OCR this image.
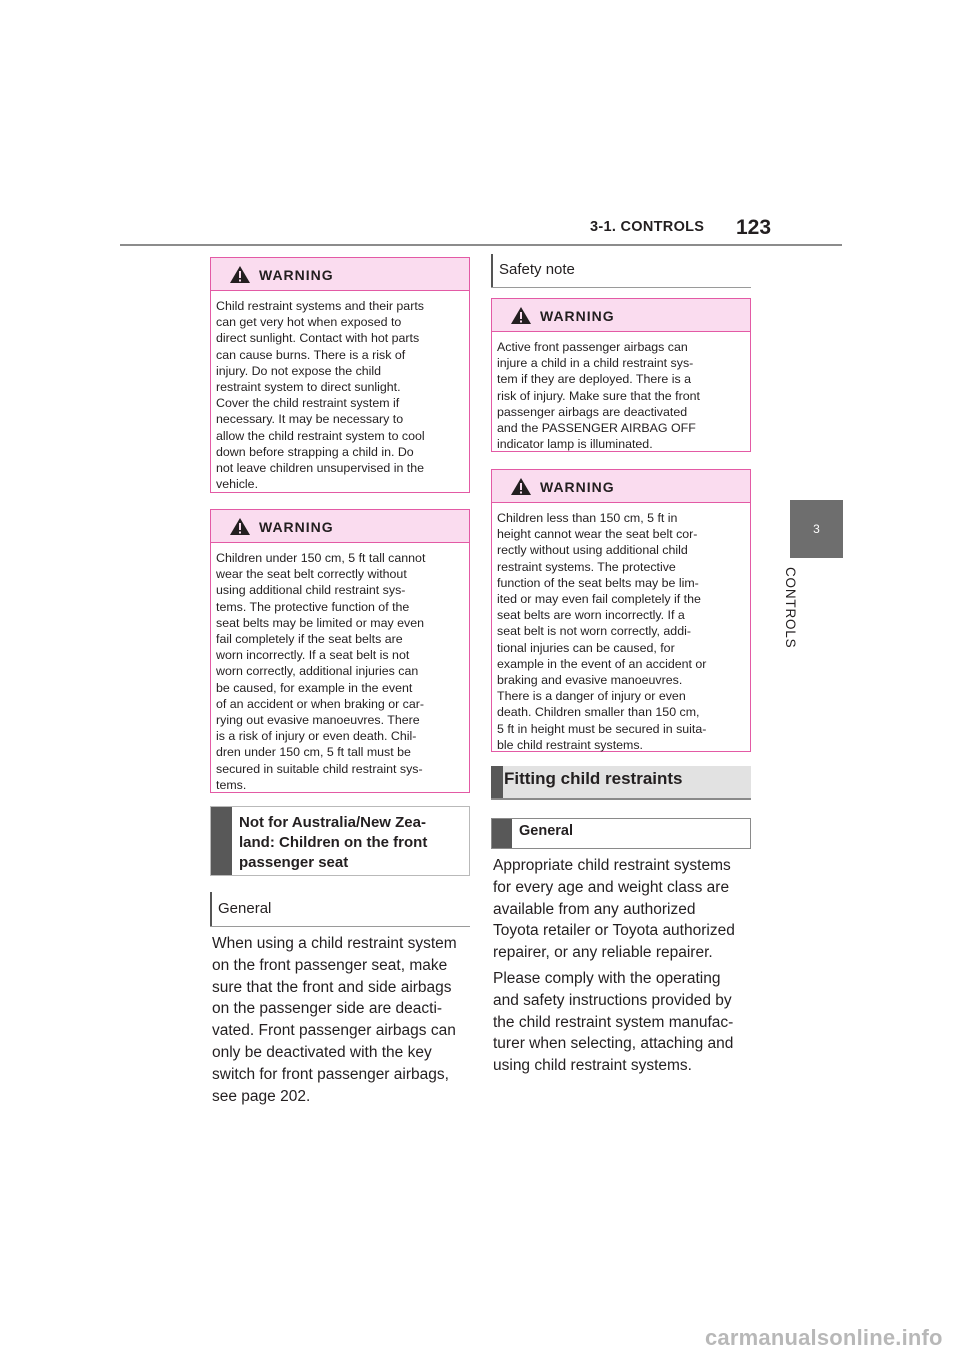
3-1. CONTROLS 123
3
CONTROLS
WARNING
Child restraint systems and their parts
can get very hot when exposed to
direct sunlight. Contact with hot parts
can cause burns. There is a risk of
injury. Do not expose the child
restraint system to direct sunlight.
Cover the child restraint system if
necessary. It may be necessary to
allow the child restraint system to cool
down before strapping a child in. Do
not leave children unsupervised in the
vehicle.
WARNING
Children under 150 cm, 5 ft tall cannot
wear the seat belt correctly without
using additional child restraint sys-
tems. The protective function of the
seat belts may be limited or may even
fail completely if the seat belts are
worn incorrectly. If a seat belt is not
worn correctly, additional injuries can
be caused, for example in the event
of an accident or when braking or car-
rying out evasive manoeuvres. There
is a risk of injury or even death. Chil-
dren under 150 cm, 5 ft tall must be
secured in suitable child restraint sys-
tems.
Not for Australia/New Zea-
land: Children on the front
passenger seat
General
When using a child restraint system
on the front passenger seat, make
sure that the front and side airbags
on the passenger side are deacti-
vated. Front passenger airbags can
only be deactivated with the key
switch for front passenger airbags,
see page 202.
Safety note
WARNING
Active front passenger airbags can
injure a child in a child restraint sys-
tem if they are deployed. There is a
risk of injury. Make sure that the front
passenger airbags are deactivated
and the PASSENGER AIRBAG OFF
indicator lamp is illuminated.
WARNING
Children less than 150 cm, 5 ft in
height cannot wear the seat belt cor-
rectly without using additional child
restraint systems. The protective
function of the seat belts may be lim-
ited or may even fail completely if the
seat belts are worn incorrectly. If a
seat belt is not worn correctly, addi-
tional injuries can be caused, for
example in the event of an accident or
braking and evasive manoeuvres.
There is a danger of injury or even
death. Children smaller than 150 cm,
5 ft in height must be secured in suita-
ble child restraint systems.
Fitting child restraints
General
Appropriate child restraint systems
for every age and weight class are
available from any authorized
Toyota retailer or Toyota authorized
repairer, or any reliable repairer.
Please comply with the operating
and safety instructions provided by
the child restraint system manufac-
turer when selecting, attaching and
using child restraint systems.
carmanualsonline.info
